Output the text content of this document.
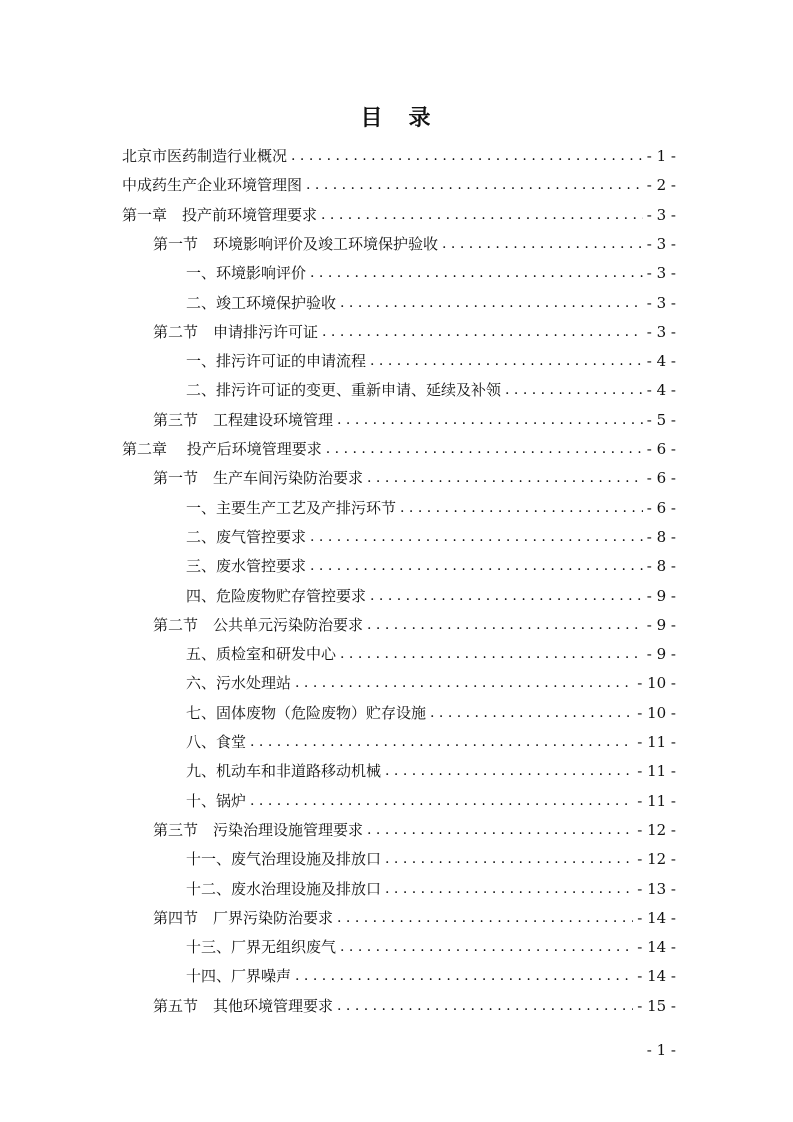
目　录
北京市医药制造行业概况 . . .	- 1 -
中成药生产企业环境管理图 . . .	- 2 -
第一章　投产前环境管理要求 . . .	- 3 -
第一节　环境影响评价及竣工环境保护验收 . . .	- 3 -
一、环境影响评价 . . .	- 3 -
二、竣工环境保护验收 . . .	- 3 -
第二节　申请排污许可证 . . .	- 3 -
一、排污许可证的申请流程 . . .	- 4 -
二、排污许可证的变更、重新申请、延续及补领 . . .	- 4 -
第三节　工程建设环境管理 . . .	- 5 -
第二章　 投产后环境管理要求 . . .	- 6 -
第一节　生产车间污染防治要求 . . .	- 6 -
一、主要生产工艺及产排污环节 . . .	- 6 -
二、废气管控要求 . . .	- 8 -
三、废水管控要求 . . .	- 8 -
四、危险废物贮存管控要求 . . .	- 9 -
第二节　公共单元污染防治要求 . . .	- 9 -
五、质检室和研发中心 . . .	- 9 -
六、污水处理站 . . .	- 10 -
七、固体废物（危险废物）贮存设施 . . .	- 10 -
八、食堂 . . .	- 11 -
九、机动车和非道路移动机械 . . .	- 11 -
十、锅炉 . . .	- 11 -
第三节　污染治理设施管理要求 . . .	- 12 -
十一、废气治理设施及排放口 . . .	- 12 -
十二、废水治理设施及排放口 . . .	- 13 -
第四节　厂界污染防治要求 . . .	- 14 -
十三、厂界无组织废气 . . .	- 14 -
十四、厂界噪声 . . .	- 14 -
第五节　其他环境管理要求 . . .	- 15 -
- 1 -
